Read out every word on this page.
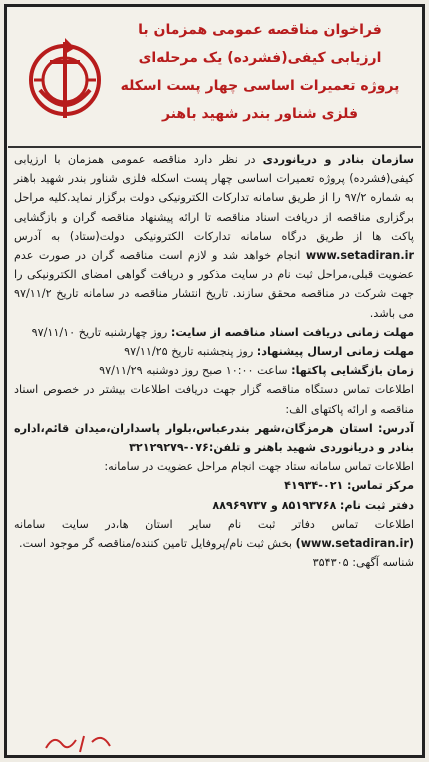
فراخوان مناقصه عمومی همزمان با
ارزیابی کیفی(فشرده) یک مرحله‌ای
پروژه تعمیرات اساسی چهار پست اسکله
فلزی شناور بندر شهید باهنر

سازمان بنادر و دریانوردی در نظر دارد مناقصه عمومی همزمان با ارزیابی کیفی(فشرده) پروژه تعمیرات اساسی چهار پست اسکله فلزی شناور بندر شهید باهنر به شماره ۹۷/۲ را از طریق سامانه تدارکات الکترونیکی دولت برگزار نماید.کلیه مراحل برگزاری مناقصه از دریافت اسناد مناقصه تا ارائه پیشنهاد مناقصه گران و بازگشایی پاکت ها از طریق درگاه سامانه تدارکات الکترونیکی دولت(ستاد) به آدرس www.setadiran.ir انجام خواهد شد و لازم است مناقصه گران در صورت عدم عضویت قبلی،مراحل ثبت نام در سایت مذکور و دریافت گواهی امضای الکترونیکی را جهت شرکت در مناقصه محقق سازند. تاریخ انتشار مناقصه در سامانه تاریخ ۹۷/۱۱/۲ می باشد.

مهلت زمانی دریافت اسناد مناقصه از سایت: روز چهارشنبه تاریخ ۹۷/۱۱/۱۰

مهلت زمانی ارسال پیشنهاد: روز پنجشنبه تاریخ ۹۷/۱۱/۲۵

زمان بازگشایی پاکتها: ساعت ۱۰:۰۰ صبح روز دوشنبه ۹۷/۱۱/۲۹

اطلاعات تماس دستگاه مناقصه گزار جهت دریافت اطلاعات بیشتر در خصوص اسناد مناقصه و ارائه پاکتهای الف:

آدرس: استان هرمزگان،شهر بندرعباس،بلوار پاسداران،میدان قائم،اداره بنادر و دریانوردی شهید باهنر و تلفن:۰۷۶-۳۲۱۲۹۲۷۹

اطلاعات تماس سامانه ستاد جهت انجام مراحل عضویت در سامانه:

مرکز تماس: ۰۲۱-۴۱۹۳۴

دفتر ثبت نام: ۸۵۱۹۳۷۶۸ و ۸۸۹۶۹۷۳۷

اطلاعات تماس دفاتر ثبت نام سایر استان ها،در سایت سامانه (www.setadiran.ir) بخش ثبت نام/پروفایل تامین کننده/مناقصه گر موجود است.

شناسه آگهی: ۳۵۴۳۰۵
